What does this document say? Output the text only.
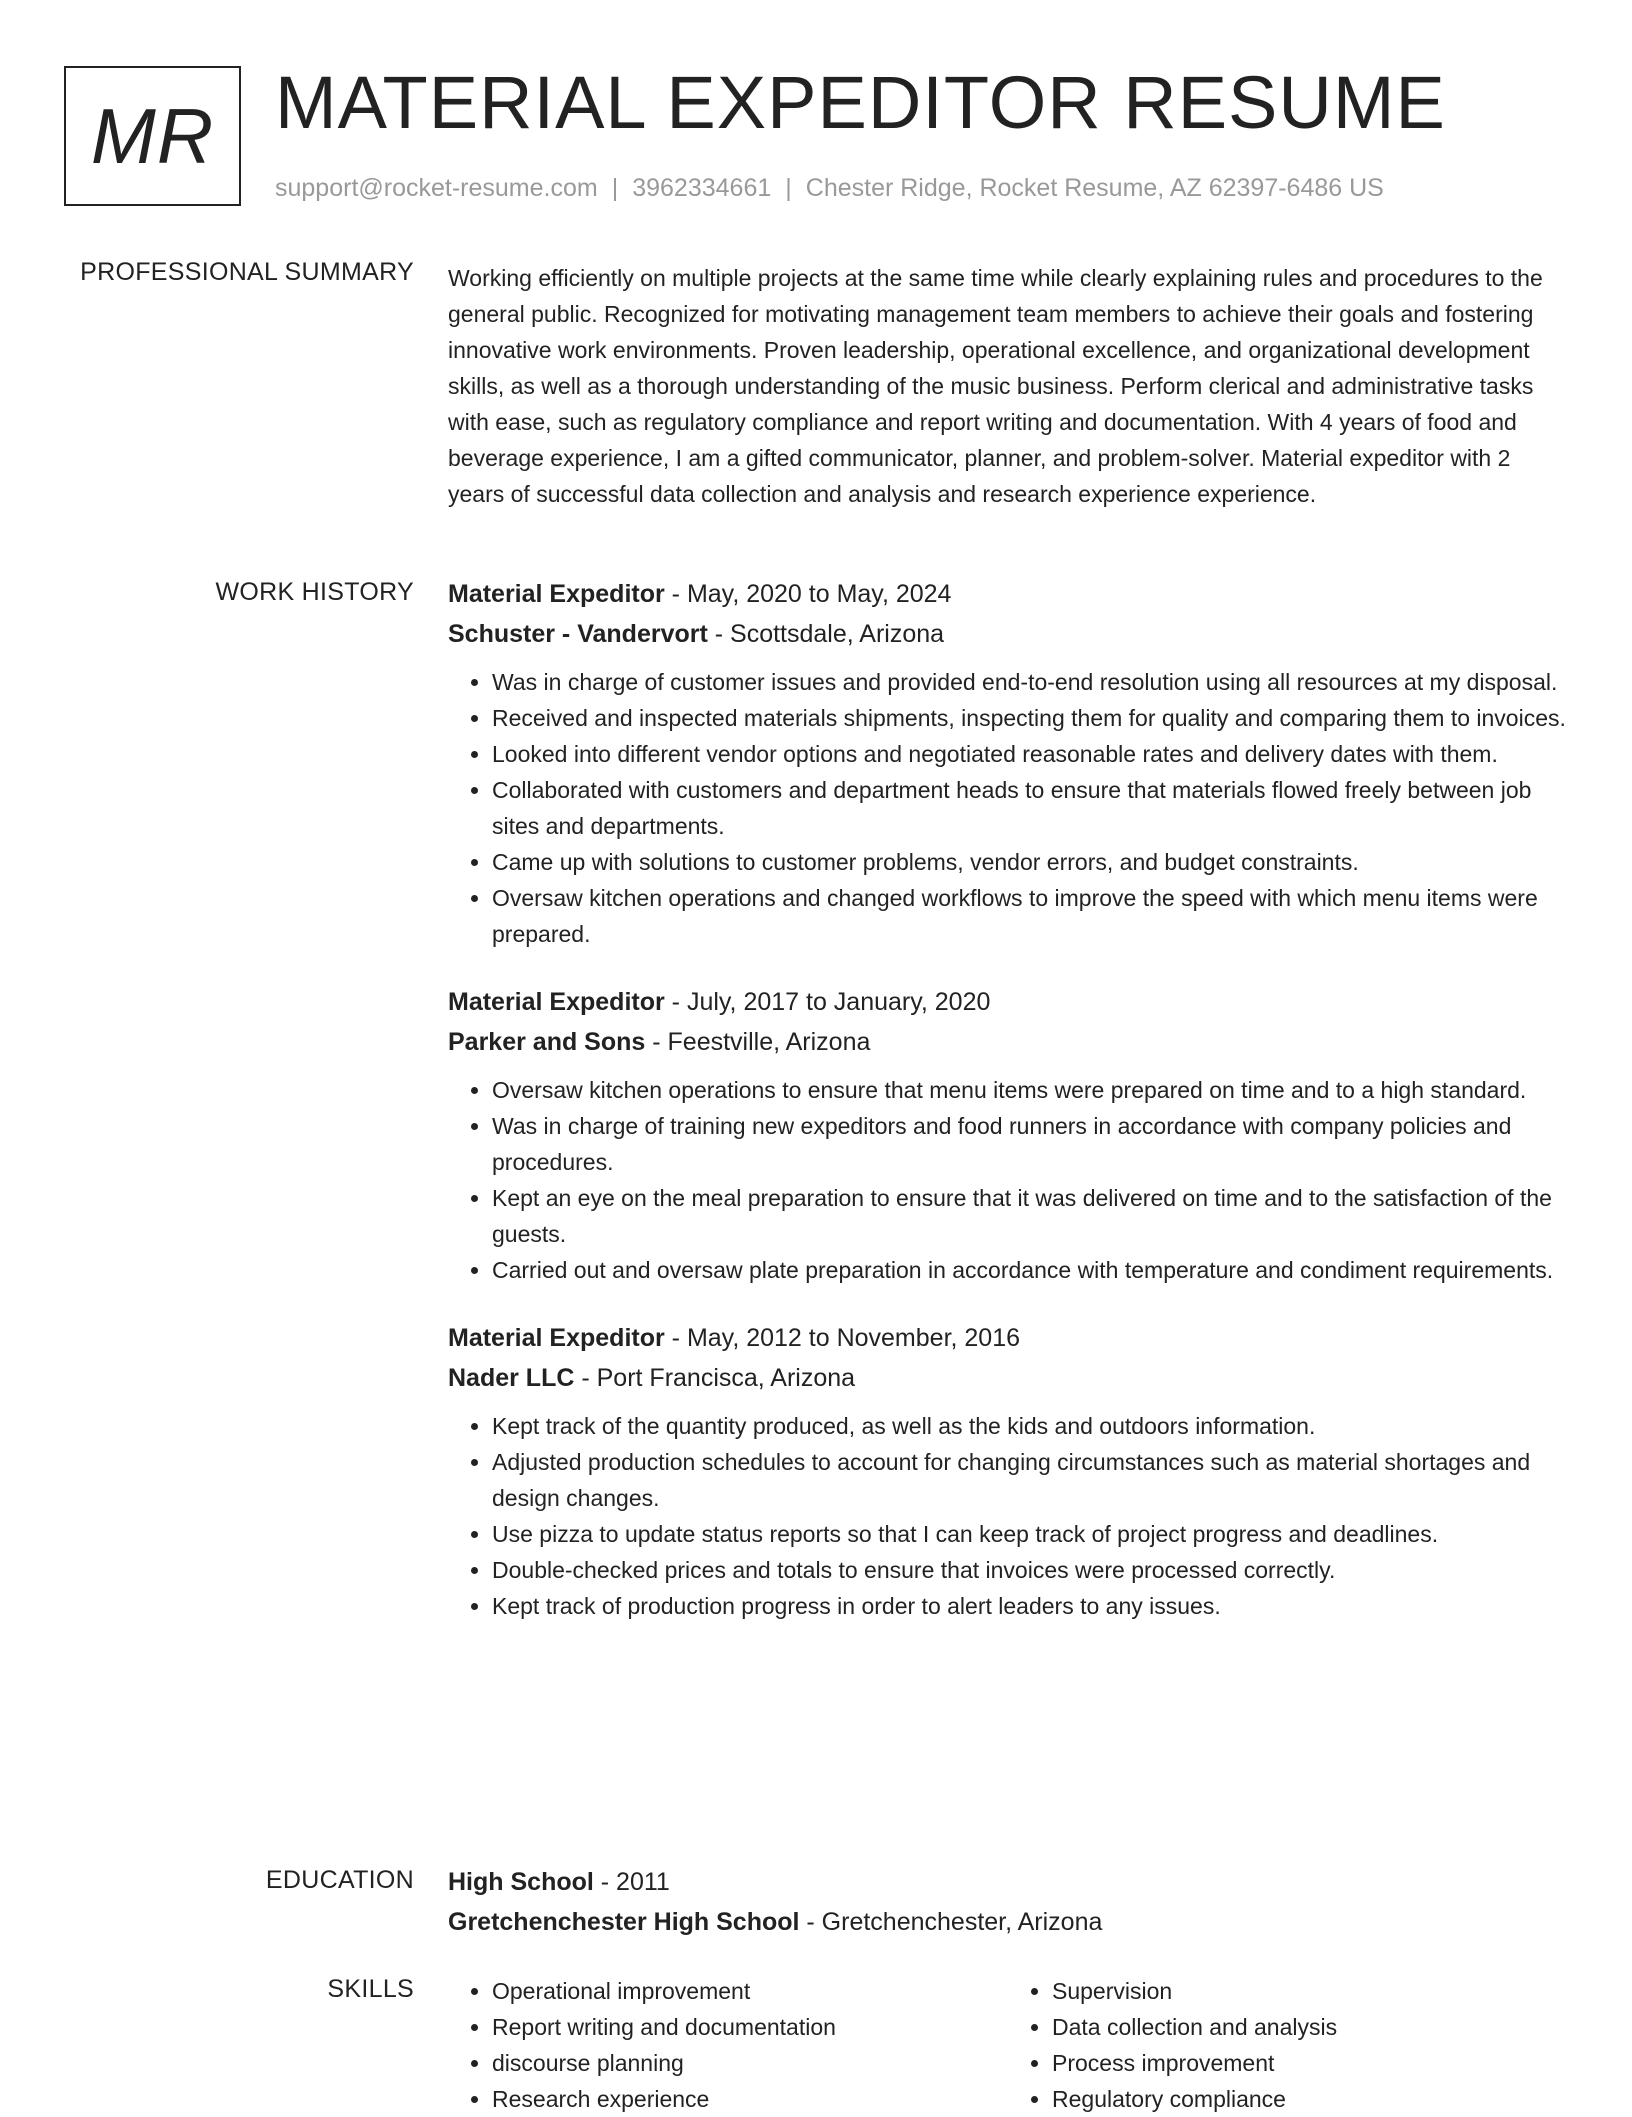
MR MATERIAL EXPEDITOR RESUME
support@rocket-resume.com | 3962334661 | Chester Ridge, Rocket Resume, AZ 62397-6486 US
PROFESSIONAL SUMMARY Working efficiently on multiple projects at the same time while clearly explaining rules and procedures to the general public. Recognized for motivating management team members to achieve their goals and fostering innovative work environments. Proven leadership, operational excellence, and organizational development skills, as well as a thorough understanding of the music business. Perform clerical and administrative tasks with ease, such as regulatory compliance and report writing and documentation. With 4 years of food and beverage experience, I am a gifted communicator, planner, and problem-solver. Material expeditor with 2 years of successful data collection and analysis and research experience experience.

WORK HISTORY Material Expeditor - May, 2020 to May, 2024
Schuster - Vandervort - Scottsdale, Arizona
• Was in charge of customer issues and provided end-to-end resolution using all resources at my disposal.
• Received and inspected materials shipments, inspecting them for quality and comparing them to invoices.
• Looked into different vendor options and negotiated reasonable rates and delivery dates with them.
• Collaborated with customers and department heads to ensure that materials flowed freely between job sites and departments.
• Came up with solutions to customer problems, vendor errors, and budget constraints.
• Oversaw kitchen operations and changed workflows to improve the speed with which menu items were prepared.
Material Expeditor - July, 2017 to January, 2020
Parker and Sons - Feestville, Arizona
• Oversaw kitchen operations to ensure that menu items were prepared on time and to a high standard.
• Was in charge of training new expeditors and food runners in accordance with company policies and procedures.
• Kept an eye on the meal preparation to ensure that it was delivered on time and to the satisfaction of the guests.
• Carried out and oversaw plate preparation in accordance with temperature and condiment requirements.
Material Expeditor - May, 2012 to November, 2016
Nader LLC - Port Francisca, Arizona
• Kept track of the quantity produced, as well as the kids and outdoors information.
• Adjusted production schedules to account for changing circumstances such as material shortages and design changes.
• Use pizza to update status reports so that I can keep track of project progress and deadlines.
• Double-checked prices and totals to ensure that invoices were processed correctly.
• Kept track of production progress in order to alert leaders to any issues.
EDUCATION High School - 2011
Gretchenchester High School - Gretchenchester, Arizona
SKILLS
•	Operational improvement
• Report writing and documentation
• discourse planning
• Research experience
• Supervision
• Data collection and analysis
• Process improvement
• Regulatory compliance
